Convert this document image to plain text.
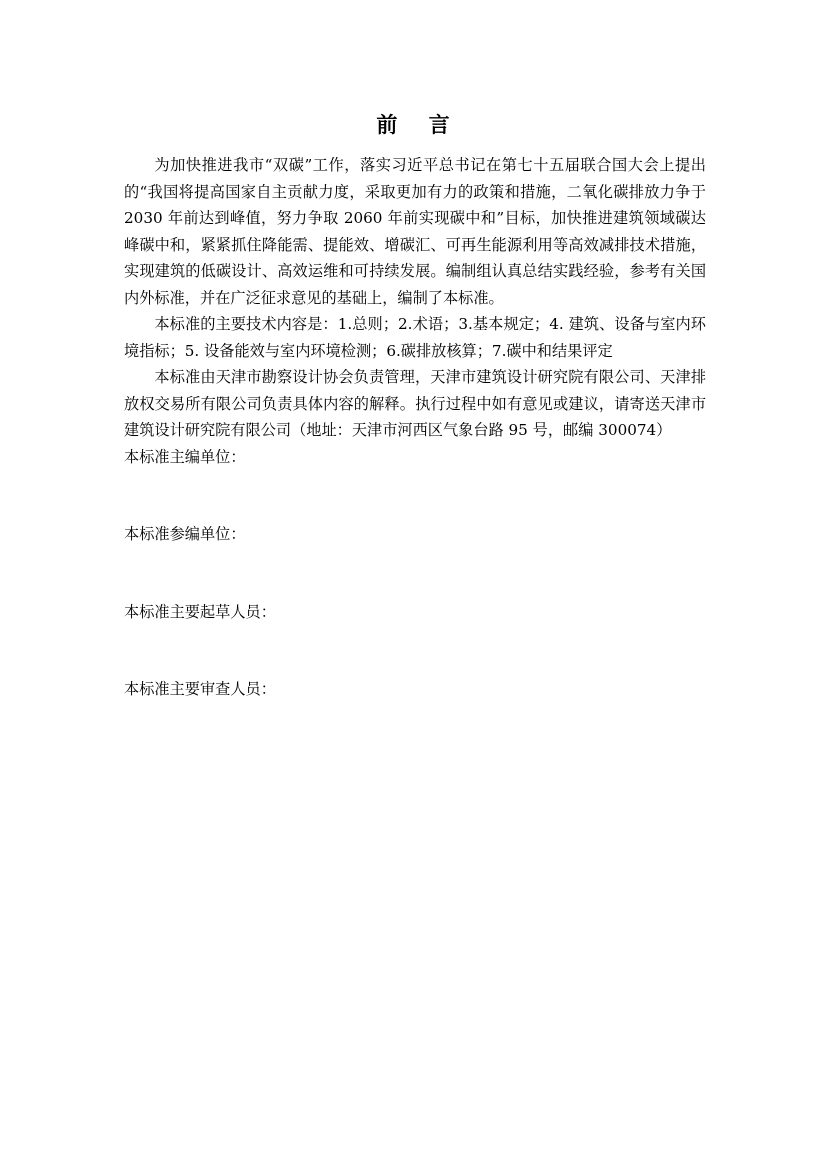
前 言

为加快推进我市“双碳”工作，落实习近平总书记在第七十五届联合国大会上提出的“我国将提高国家自主贡献力度，采取更加有力的政策和措施，二氧化碳排放力争于 2030 年前达到峰值，努力争取 2060 年前实现碳中和”目标，加快推进建筑领域碳达峰碳中和，紧紧抓住降能需、提能效、增碳汇、可再生能源利用等高效减排技术措施，实现建筑的低碳设计、高效运维和可持续发展。编制组认真总结实践经验，参考有关国内外标准，并在广泛征求意见的基础上，编制了本标准。

本标准的主要技术内容是：1.总则；2.术语；3.基本规定；4. 建筑、设备与室内环境指标；5. 设备能效与室内环境检测；6.碳排放核算；7.碳中和结果评定

本标准由天津市勘察设计协会负责管理，天津市建筑设计研究院有限公司、天津排放权交易所有限公司负责具体内容的解释。执行过程中如有意见或建议，请寄送天津市建筑设计研究院有限公司（地址：天津市河西区气象台路 95 号，邮编 300074）

本标准主编单位：

本标准参编单位：

本标准主要起草人员：

本标准主要审查人员：
